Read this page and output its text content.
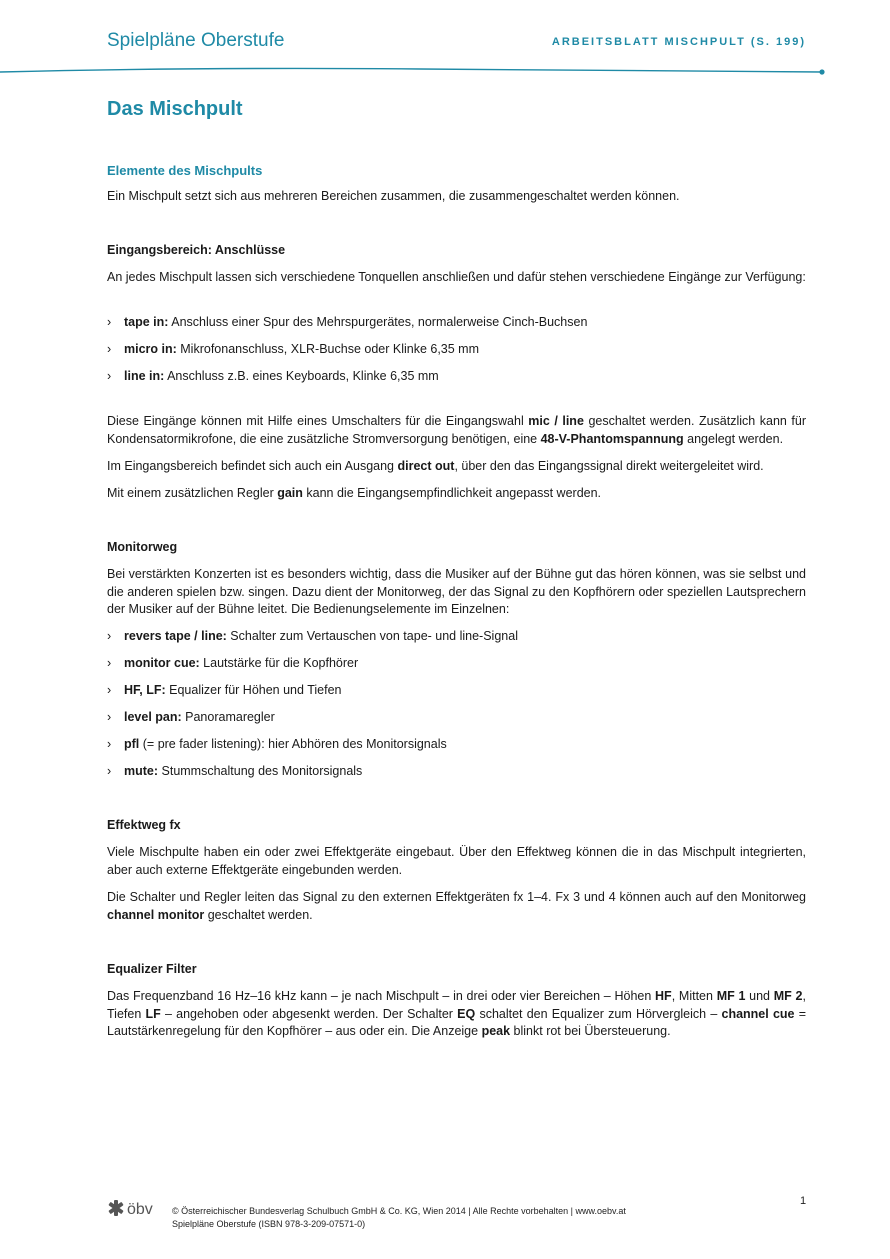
Spielpläne Oberstufe	ARBEITSBLATT MISCHPULT (S. 199)
Das Mischpult
Elemente des Mischpults
Ein Mischpult setzt sich aus mehreren Bereichen zusammen, die zusammengeschaltet werden können.
Eingangsbereich: Anschlüsse
An jedes Mischpult lassen sich verschiedene Tonquellen anschließen und dafür stehen verschiedene Eingänge zur Verfügung:
› tape in: Anschluss einer Spur des Mehrspurgerätes, normalerweise Cinch-Buchsen
› micro in: Mikrofonanschluss, XLR-Buchse oder Klinke 6,35 mm
› line in: Anschluss z.B. eines Keyboards, Klinke 6,35 mm
Diese Eingänge können mit Hilfe eines Umschalters für die Eingangswahl mic / line geschaltet werden. Zusätzlich kann für Kondensatormikrofone, die eine zusätzliche Stromversorgung benötigen, eine 48-V-Phantomspannung angelegt werden.
Im Eingangsbereich befindet sich auch ein Ausgang direct out, über den das Eingangssignal direkt weitergeleitet wird.
Mit einem zusätzlichen Regler gain kann die Eingangsempfindlichkeit angepasst werden.
Monitorweg
Bei verstärkten Konzerten ist es besonders wichtig, dass die Musiker auf der Bühne gut das hören können, was sie selbst und die anderen spielen bzw. singen. Dazu dient der Monitorweg, der das Signal zu den Kopfhörern oder speziellen Lautsprechern der Musiker auf der Bühne leitet. Die Bedienungselemente im Einzelnen:
› revers tape / line: Schalter zum Vertauschen von tape- und line-Signal
› monitor cue: Lautstärke für die Kopfhörer
› HF, LF: Equalizer für Höhen und Tiefen
› level pan: Panoramaregler
› pfl (= pre fader listening): hier Abhören des Monitorsignals
› mute: Stummschaltung des Monitorsignals
Effektweg fx
Viele Mischpulte haben ein oder zwei Effektgeräte eingebaut. Über den Effektweg können die in das Mischpult integrierten, aber auch externe Effektgeräte eingebunden werden.
Die Schalter und Regler leiten das Signal zu den externen Effektgeräten fx 1–4. Fx 3 und 4 können auch auf den Monitorweg channel monitor geschaltet werden.
Equalizer Filter
Das Frequenzband 16 Hz–16 kHz kann – je nach Mischpult – in drei oder vier Bereichen – Höhen HF, Mitten MF 1 und MF 2, Tiefen LF – angehoben oder abgesenkt werden. Der Schalter EQ schaltet den Equalizer zum Hörvergleich – channel cue = Lautstärkenregelung für den Kopfhörer – aus oder ein. Die Anzeige peak blinkt rot bei Übersteuerung.
öbv © Österreichischer Bundesverlag Schulbuch GmbH & Co. KG, Wien 2014 | Alle Rechte vorbehalten | www.oebv.at
Spielpläne Oberstufe (ISBN 978-3-209-07571-0)
1
